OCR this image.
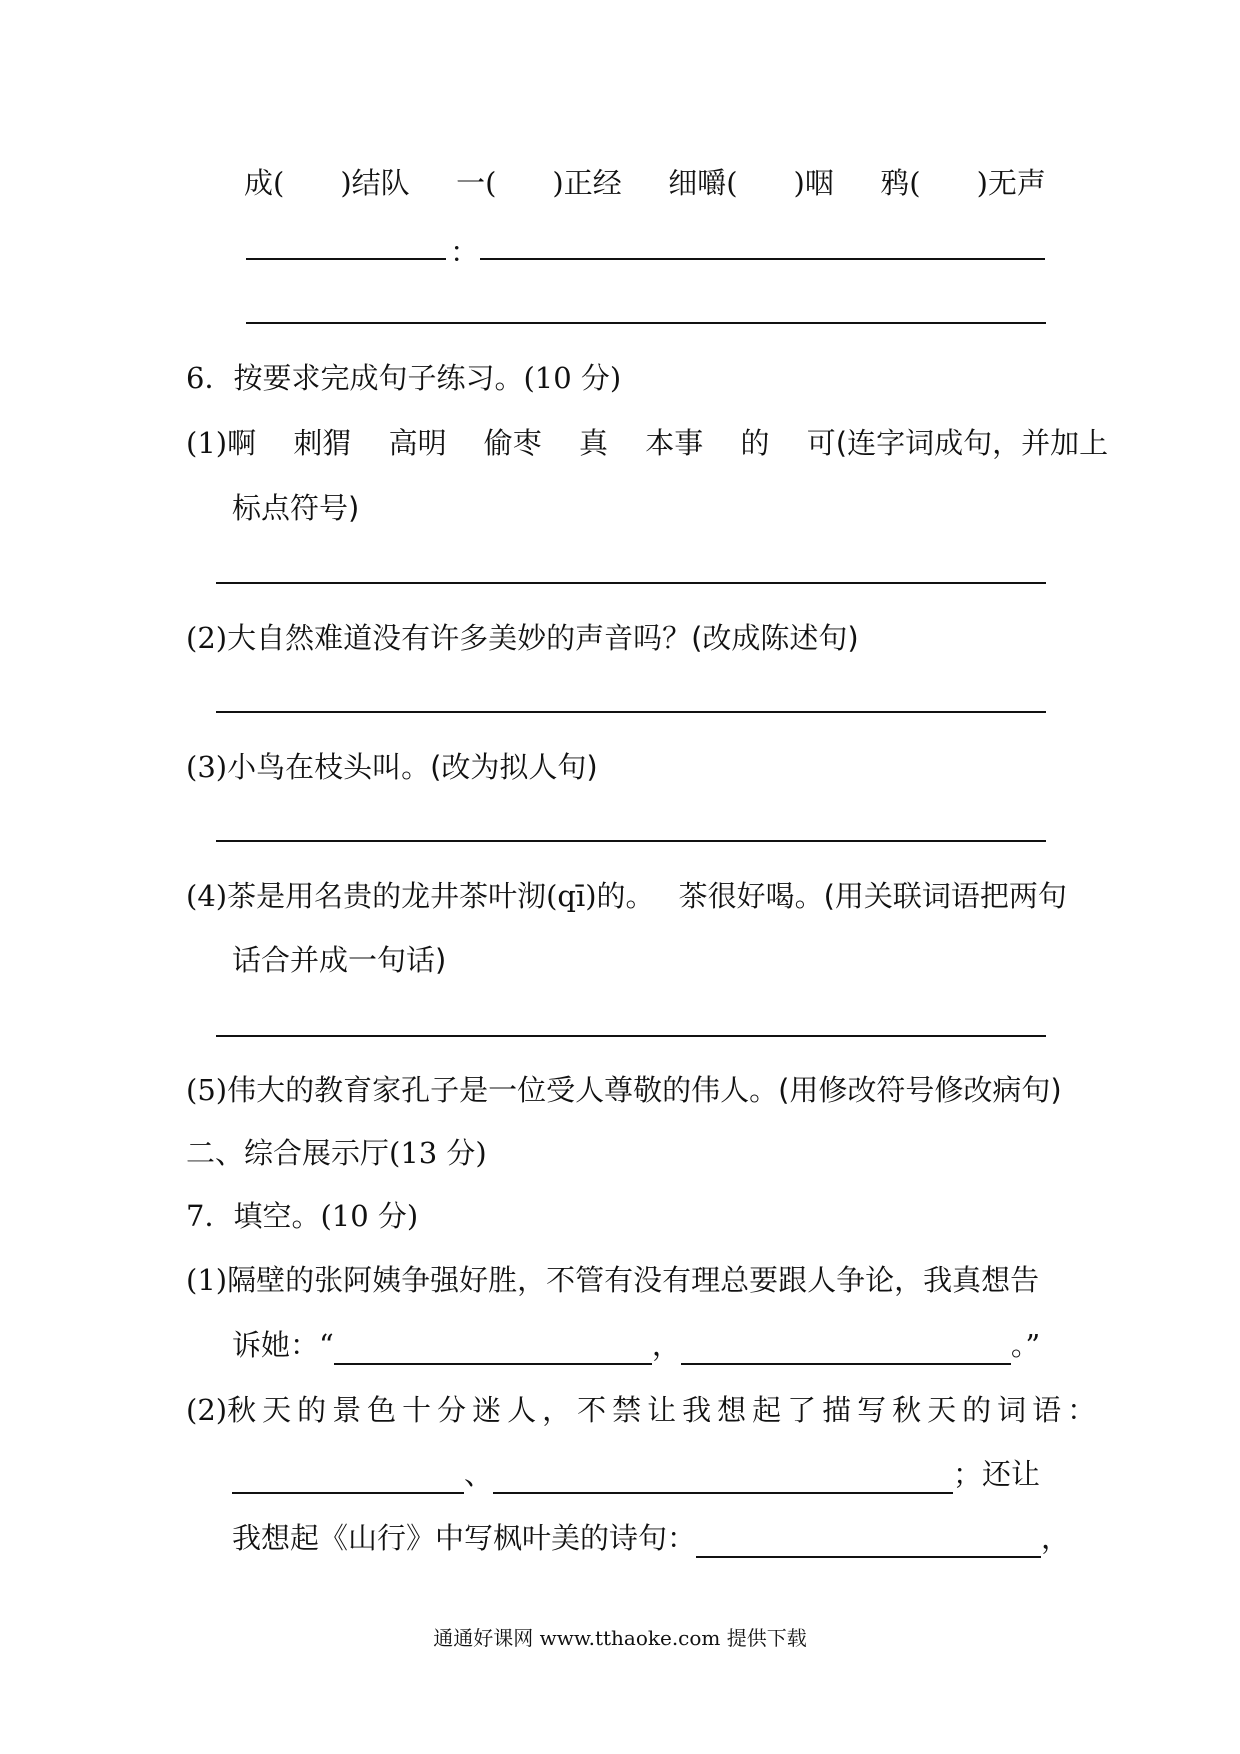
成( )结队 一( )正经 细嚼( )咽 鸦( )无声
：
6．按要求完成句子练习。(10 分)
(1)啊 刺猬 高明 偷枣 真 本事 的 可(连字词成句，并加上
标点符号)
(2)大自然难道没有许多美妙的声音吗？(改成陈述句)
(3)小鸟在枝头叫。(改为拟人句)
(4)茶是用名贵的龙井茶叶沏(qī)的。 茶很好喝。(用关联词语把两句
话合并成一句话)
(5)伟大的教育家孔子是一位受人尊敬的伟人。(用修改符号修改病句)
二、综合展示厅(13 分)
7．填空。(10 分)
(1)隔壁的张阿姨争强好胜，不管有没有理总要跟人争论，我真想告
诉她：“	，	。”
(2)秋天的景色十分迷人，不禁让我想起了描写秋天的词语：
、	；还让
我想起《山行》中写枫叶美的诗句：	，
通通好课网 www.tthaoke.com 提供下载
